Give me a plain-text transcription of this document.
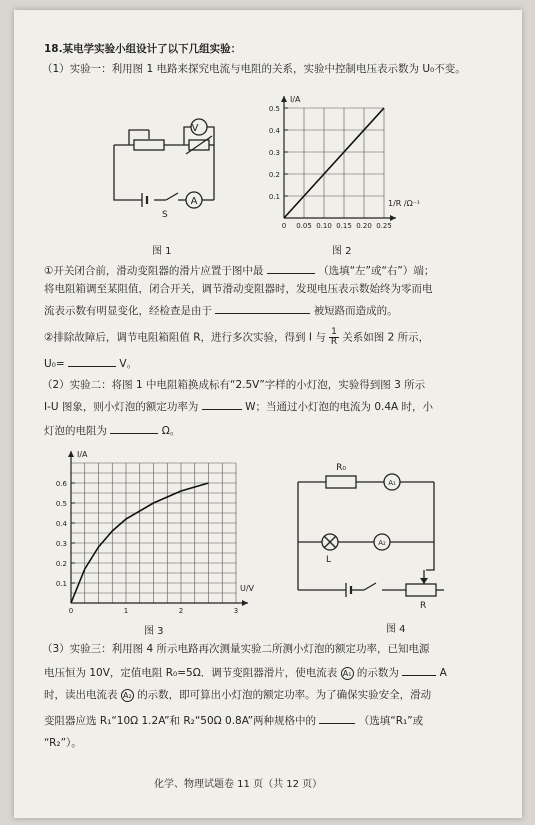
18.某电学实验小组设计了以下几组实验：
（1）实验一：利用图 1 电路来探究电流与电阻的关系，实验中控制电压表示数为 U₀不变。
V
A
S
图 1
0.1
0.2
0.3
0.4
0.5
0 0.05 0.10 0.15 0.20 0.25
I/A
1/R /Ω⁻¹
图 2
①开关闭合前，滑动变阻器的滑片应置于图中最	（选填“左”或“右”）端；
将电阻箱调至某阻值，闭合开关，调节滑动变阻器时，发现电压表示数始终为零而电
流表示数有明显变化，经检查是由于	被短路而造成的。
②排除故障后，调节电阻箱阻值 R，进行多次实验，得到 I 与 $\frac{1}{R}$ 关系如图 2 所示，
U₀=	V。
（2）实验二：将图 1 中电阻箱换成标有“2.5V”字样的小灯泡，实验得到图 3 所示
I-U 图象，则小灯泡的额定功率为	W；当通过小灯泡的电流为 0.4A 时，小
灯泡的电阻为	Ω。
0.1
0.2
0.3
0.4
0.5
0.6
0	1	2	3
I/A
U/V
图 3
R₀
A₁
A₂
L
R
图 4
（3）实验三：利用图 4 所示电路再次测量实验二所测小灯泡的额定功率，已知电源
电压恒为 10V，定值电阻 R₀=5Ω．调节变阻器滑片，使电流表 A₁ 的示数为	A
时，读出电流表 A₂ 的示数，即可算出小灯泡的额定功率。为了确保实验安全，滑动
变阻器应选 R₁“10Ω 1.2A”和 R₂“50Ω 0.8A”两种规格中的	（选填“R₁”或
“R₂”）。
化学、物理试题卷 11 页（共 12 页）
